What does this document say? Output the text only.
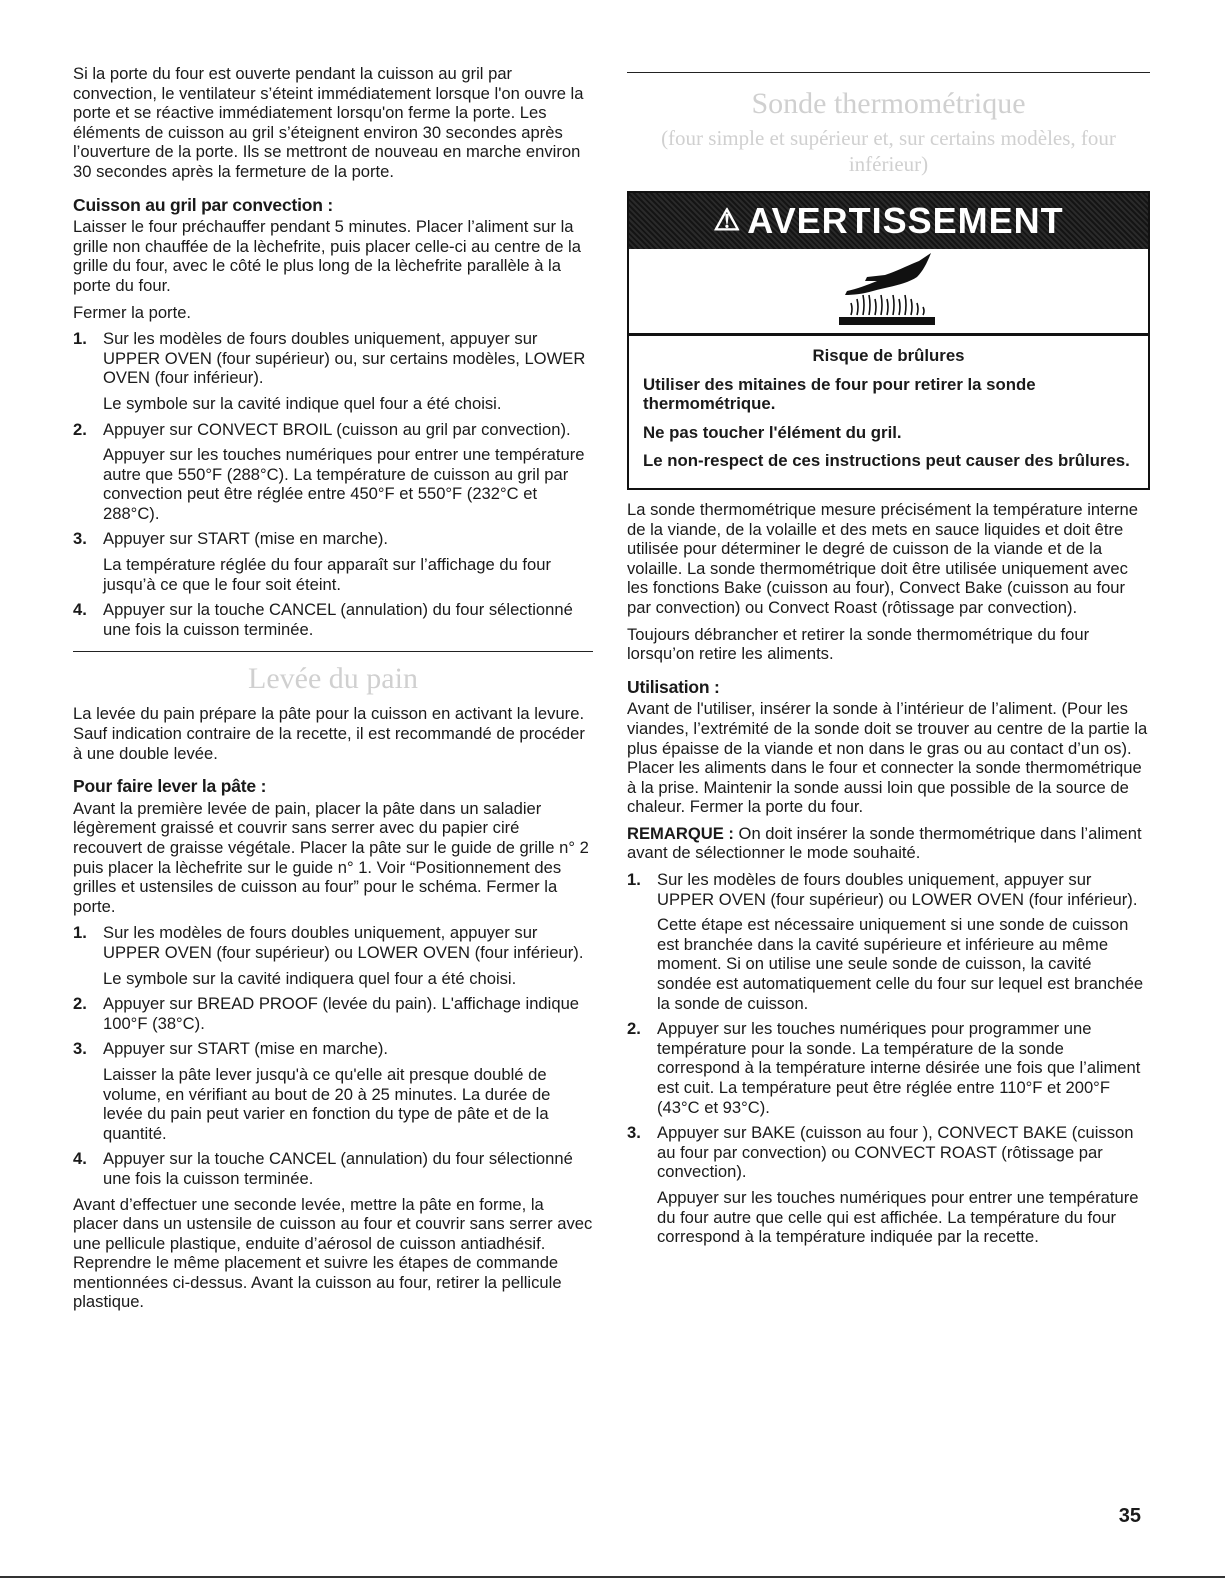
Si la porte du four est ouverte pendant la cuisson au gril par convection, le ventilateur s’éteint immédiatement lorsque l'on ouvre la porte et se réactive immédiatement lorsqu'on ferme la porte. Les éléments de cuisson au gril s’éteignent environ 30 secondes après l’ouverture de la porte. Ils se mettront de nouveau en marche environ 30 secondes après la fermeture de la porte.

Cuisson au gril par convection :

Laisser le four préchauffer pendant 5 minutes. Placer l’aliment sur la grille non chauffée de la lèchefrite, puis placer celle-ci au centre de la grille du four, avec le côté le plus long de la lèchefrite parallèle à la porte du four.

Fermer la porte.

1. Sur les modèles de fours doubles uniquement, appuyer sur UPPER OVEN (four supérieur) ou, sur certains modèles, LOWER OVEN (four inférieur).

Le symbole sur la cavité indique quel four a été choisi.

2. Appuyer sur CONVECT BROIL (cuisson au gril par convection).

Appuyer sur les touches numériques pour entrer une température autre que 550°F (288°C). La température de cuisson au gril par convection peut être réglée entre 450°F et 550°F (232°C et 288°C).

3. Appuyer sur START (mise en marche).

La température réglée du four apparaît sur l’affichage du four jusqu’à ce que le four soit éteint.

4. Appuyer sur la touche CANCEL (annulation) du four sélectionné une fois la cuisson terminée.

Levée du pain

La levée du pain prépare la pâte pour la cuisson en activant la levure. Sauf indication contraire de la recette, il est recommandé de procéder à une double levée.

Pour faire lever la pâte :

Avant la première levée de pain, placer la pâte dans un saladier légèrement graissé et couvrir sans serrer avec du papier ciré recouvert de graisse végétale. Placer la pâte sur le guide de grille n° 2 puis placer la lèchefrite sur le guide n° 1. Voir “Positionnement des grilles et ustensiles de cuisson au four” pour le schéma. Fermer la porte.

1. Sur les modèles de fours doubles uniquement, appuyer sur UPPER OVEN (four supérieur) ou LOWER OVEN (four inférieur).

Le symbole sur la cavité indiquera quel four a été choisi.

2. Appuyer sur BREAD PROOF (levée du pain). L'affichage indique 100°F (38°C).

3. Appuyer sur START (mise en marche).

Laisser la pâte lever jusqu'à ce qu'elle ait presque doublé de volume, en vérifiant au bout de 20 à 25 minutes. La durée de levée du pain peut varier en fonction du type de pâte et de la quantité.

4. Appuyer sur la touche CANCEL (annulation) du four sélectionné une fois la cuisson terminée.

Avant d’effectuer une seconde levée, mettre la pâte en forme, la placer dans un ustensile de cuisson au four et couvrir sans serrer avec une pellicule plastique, enduite d’aérosol de cuisson antiadhésif. Reprendre le même placement et suivre les étapes de commande mentionnées ci-dessus. Avant la cuisson au four, retirer la pellicule plastique.

Sonde thermométrique
(four simple et supérieur et, sur certains modèles, four inférieur)
⚠ AVERTISSEMENT
Risque de brûlures

Utiliser des mitaines de four pour retirer la sonde thermométrique.

Ne pas toucher l'élément du gril.

Le non-respect de ces instructions peut causer des brûlures.

La sonde thermométrique mesure précisément la température interne de la viande, de la volaille et des mets en sauce liquides et doit être utilisée pour déterminer le degré de cuisson de la viande et de la volaille. La sonde thermométrique doit être utilisée uniquement avec les fonctions Bake (cuisson au four), Convect Bake (cuisson au four par convection) ou Convect Roast (rôtissage par convection).

Toujours débrancher et retirer la sonde thermométrique du four lorsqu’on retire les aliments.

Utilisation :

Avant de l'utiliser, insérer la sonde à l’intérieur de l’aliment. (Pour les viandes, l’extrémité de la sonde doit se trouver au centre de la partie la plus épaisse de la viande et non dans le gras ou au contact d’un os). Placer les aliments dans le four et connecter la sonde thermométrique à la prise. Maintenir la sonde aussi loin que possible de la source de chaleur. Fermer la porte du four.

REMARQUE : On doit insérer la sonde thermométrique dans l’aliment avant de sélectionner le mode souhaité.

1. Sur les modèles de fours doubles uniquement, appuyer sur UPPER OVEN (four supérieur) ou LOWER OVEN (four inférieur).

Cette étape est nécessaire uniquement si une sonde de cuisson est branchée dans la cavité supérieure et inférieure au même moment. Si on utilise une seule sonde de cuisson, la cavité sondée est automatiquement celle du four sur lequel est branchée la sonde de cuisson.

2. Appuyer sur les touches numériques pour programmer une température pour la sonde. La température de la sonde correspond à la température interne désirée une fois que l’aliment est cuit. La température peut être réglée entre 110°F et 200°F (43°C et 93°C).

3. Appuyer sur BAKE (cuisson au four ), CONVECT BAKE (cuisson au four par convection) ou CONVECT ROAST (rôtissage par convection).

Appuyer sur les touches numériques pour entrer une température du four autre que celle qui est affichée. La température du four correspond à la température indiquée par la recette.

35
